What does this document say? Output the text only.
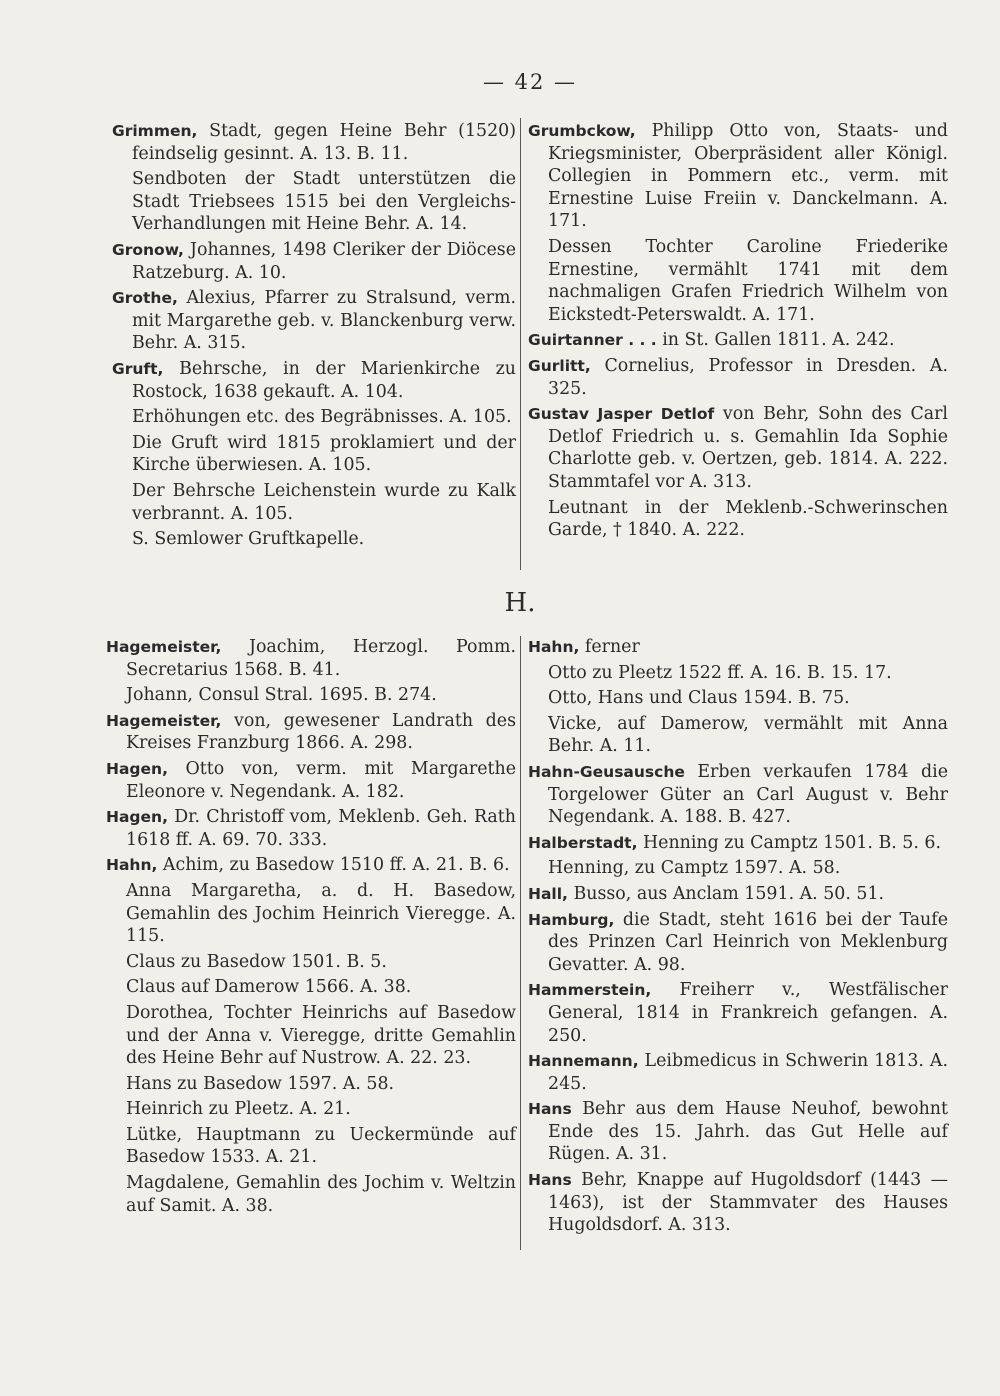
— 42 —
Grimmen, Stadt, gegen Heine Behr (1520) feindselig gesinnt. A. 13. B. 11.
Sendboten der Stadt unterstützen die Stadt Triebsees 1515 bei den Vergleichs-Verhandlungen mit Heine Behr. A. 14.
Gronow, Johannes, 1498 Cleriker der Diöcese Ratzeburg. A. 10.
Grothe, Alexius, Pfarrer zu Stralsund, verm. mit Margarethe geb. v. Blanckenburg verw. Behr. A. 315.
Gruft, Behrsche, in der Marienkirche zu Rostock, 1638 gekauft. A. 104.
Erhöhungen etc. des Begräbnisses. A. 105.
Die Gruft wird 1815 proklamiert und der Kirche überwiesen. A. 105.
Der Behrsche Leichenstein wurde zu Kalk verbrannt. A. 105.
S. Semlower Gruftkapelle.
Grumbckow, Philipp Otto von, Staats- und Kriegsminister, Oberpräsident aller Königl. Collegien in Pommern etc., verm. mit Ernestine Luise Freiin v. Danckelmann. A. 171.
Dessen Tochter Caroline Friederike Ernestine, vermählt 1741 mit dem nachmaligen Grafen Friedrich Wilhelm von Eickstedt-Peterswaldt. A. 171.
Guirtanner . . . in St. Gallen 1811. A. 242.
Gurlitt, Cornelius, Professor in Dresden. A. 325.
Gustav Jasper Detlof von Behr, Sohn des Carl Detlof Friedrich u. s. Gemahlin Ida Sophie Charlotte geb. v. Oertzen, geb. 1814. A. 222. Stammtafel vor A. 313.
Leutnant in der Meklenb.-Schwerinschen Garde, † 1840. A. 222.
H.
Hagemeister, Joachim, Herzogl. Pomm. Secretarius 1568. B. 41.
Johann, Consul Stral. 1695. B. 274.
Hagemeister, von, gewesener Landrath des Kreises Franzburg 1866. A. 298.
Hagen, Otto von, verm. mit Margarethe Eleonore v. Negendank. A. 182.
Hagen, Dr. Christoff vom, Meklenb. Geh. Rath 1618 ff. A. 69. 70. 333.
Hahn, Achim, zu Basedow 1510 ff. A. 21. B. 6.
Anna Margaretha, a. d. H. Basedow, Gemahlin des Jochim Heinrich Vieregge. A. 115.
Claus zu Basedow 1501. B. 5.
Claus auf Damerow 1566. A. 38.
Dorothea, Tochter Heinrichs auf Basedow und der Anna v. Vieregge, dritte Gemahlin des Heine Behr auf Nustrow. A. 22. 23.
Hans zu Basedow 1597. A. 58.
Heinrich zu Pleetz. A. 21.
Lütke, Hauptmann zu Ueckermünde auf Basedow 1533. A. 21.
Magdalene, Gemahlin des Jochim v. Weltzin auf Samit. A. 38.
Hahn, ferner
Otto zu Pleetz 1522 ff. A. 16. B. 15. 17.
Otto, Hans und Claus 1594. B. 75.
Vicke, auf Damerow, vermählt mit Anna Behr. A. 11.
Hahn-Geusausche Erben verkaufen 1784 die Torgelower Güter an Carl August v. Behr Negendank. A. 188. B. 427.
Halberstadt, Henning zu Camptz 1501. B. 5. 6.
Henning, zu Camptz 1597. A. 58.
Hall, Busso, aus Anclam 1591. A. 50. 51.
Hamburg, die Stadt, steht 1616 bei der Taufe des Prinzen Carl Heinrich von Meklenburg Gevatter. A. 98.
Hammerstein, Freiherr v., Westfälischer General, 1814 in Frankreich gefangen. A. 250.
Hannemann, Leibmedicus in Schwerin 1813. A. 245.
Hans Behr aus dem Hause Neuhof, bewohnt Ende des 15. Jahrh. das Gut Helle auf Rügen. A. 31.
Hans Behr, Knappe auf Hugoldsdorf (1443 —1463), ist der Stammvater des Hauses Hugoldsdorf. A. 313.
